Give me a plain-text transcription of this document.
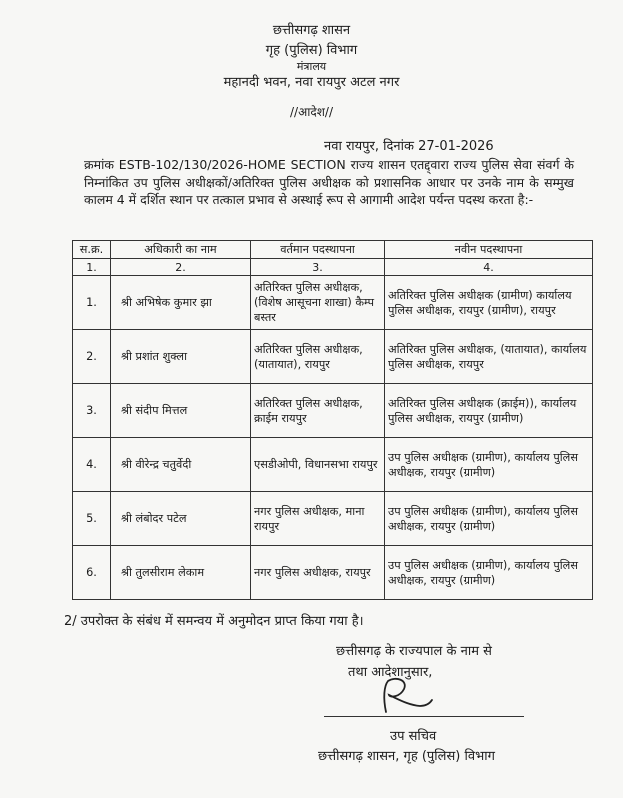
छत्तीसगढ़ शासन
गृह (पुलिस) विभाग
मंत्रालय
महानदी भवन, नवा रायपुर अटल नगर
//आदेश//
नवा रायपुर, दिनांक 27-01-2026
क्रमांक ESTB-102/130/2026-HOME SECTION राज्य शासन एतद्द्वारा राज्य पुलिस सेवा संवर्ग के निम्नांकित उप पुलिस अधीक्षकों/अतिरिक्त पुलिस अधीक्षक को प्रशासनिक आधार पर उनके नाम के सम्मुख कालम 4 में दर्शित स्थान पर तत्काल प्रभाव से अस्थाई रूप से आगामी आदेश पर्यन्त पदस्थ करता है:-
स.क्र.	अधिकारी का नाम	वर्तमान पदस्थापना	नवीन पदस्थापना
1.	2.	3.	4.
1.	श्री अभिषेक कुमार झा	अतिरिक्त पुलिस अधीक्षक, (विशेष आसूचना शाखा) कैम्प बस्तर	अतिरिक्त पुलिस अधीक्षक (ग्रामीण) कार्यालय पुलिस अधीक्षक, रायपुर (ग्रामीण), रायपुर
2.	श्री प्रशांत शुक्ला	अतिरिक्त पुलिस अधीक्षक, (यातायात), रायपुर	अतिरिक्त पुलिस अधीक्षक, (यातायात), कार्यालय पुलिस अधीक्षक, रायपुर
3.	श्री संदीप मित्तल	अतिरिक्त पुलिस अधीक्षक, क्राईम रायपुर	अतिरिक्त पुलिस अधीक्षक (क्राईम)), कार्यालय पुलिस अधीक्षक, रायपुर (ग्रामीण)
4.	श्री वीरेन्द्र चतुर्वेदी	एसडीओपी, विधानसभा रायपुर	उप पुलिस अधीक्षक (ग्रामीण), कार्यालय पुलिस अधीक्षक, रायपुर (ग्रामीण)
5.	श्री लंबोदर पटेल	नगर पुलिस अधीक्षक, माना रायपुर	उप पुलिस अधीक्षक (ग्रामीण), कार्यालय पुलिस अधीक्षक, रायपुर (ग्रामीण)
6.	श्री तुलसीराम लेकाम	नगर पुलिस अधीक्षक, रायपुर	उप पुलिस अधीक्षक (ग्रामीण), कार्यालय पुलिस अधीक्षक, रायपुर (ग्रामीण)
2/ उपरोक्त के संबंध में समन्वय में अनुमोदन प्राप्त किया गया है।
छत्तीसगढ़ के राज्यपाल के नाम से
तथा आदेशानुसार,
उप सचिव
छत्तीसगढ़ शासन, गृह (पुलिस) विभाग
